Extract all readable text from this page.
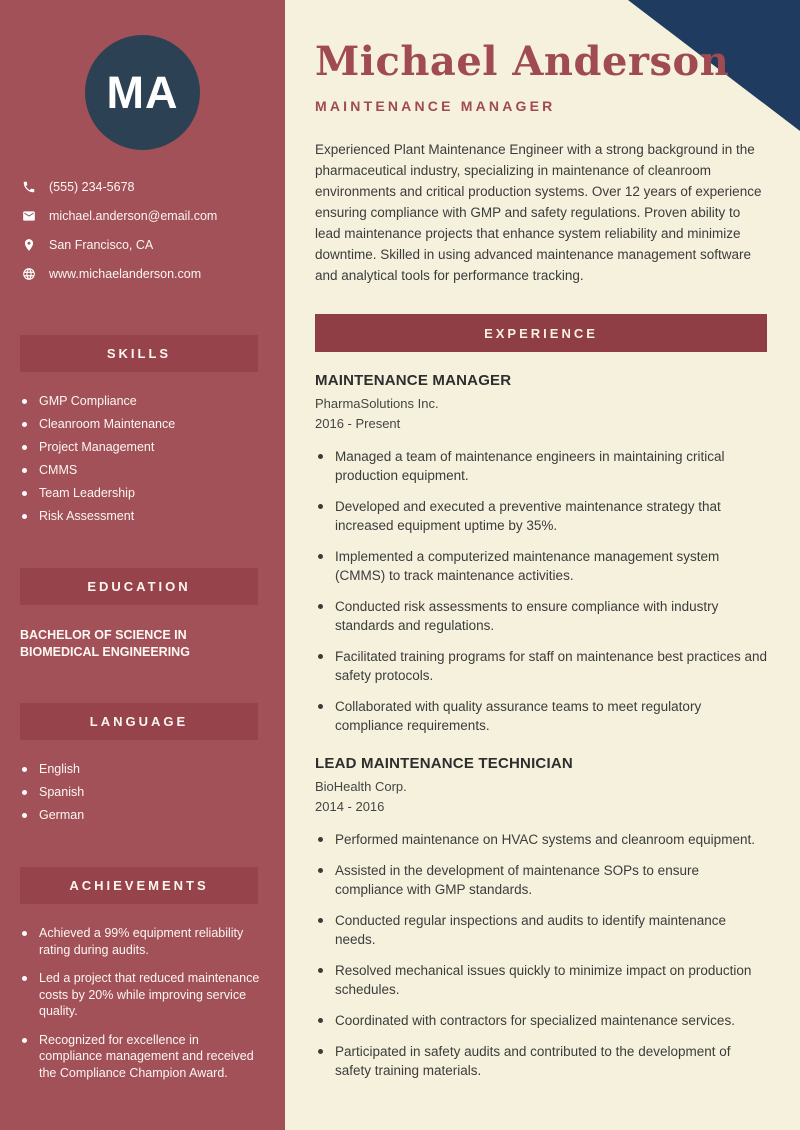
MA
(555) 234-5678
michael.anderson@email.com
San Francisco, CA
www.michaelanderson.com
SKILLS
GMP Compliance
Cleanroom Maintenance
Project Management
CMMS
Team Leadership
Risk Assessment
EDUCATION
BACHELOR OF SCIENCE IN BIOMEDICAL ENGINEERING
LANGUAGE
English
Spanish
German
ACHIEVEMENTS
Achieved a 99% equipment reliability rating during audits.
Led a project that reduced maintenance costs by 20% while improving service quality.
Recognized for excellence in compliance management and received the Compliance Champion Award.
Michael Anderson
MAINTENANCE MANAGER

Experienced Plant Maintenance Engineer with a strong background in the pharmaceutical industry, specializing in maintenance of cleanroom environments and critical production systems. Over 12 years of experience ensuring compliance with GMP and safety regulations. Proven ability to lead maintenance projects that enhance system reliability and minimize downtime. Skilled in using advanced maintenance management software and analytical tools for performance tracking.

EXPERIENCE
MAINTENANCE MANAGER
PharmaSolutions Inc.
2016 - Present
Managed a team of maintenance engineers in maintaining critical production equipment.
Developed and executed a preventive maintenance strategy that increased equipment uptime by 35%.
Implemented a computerized maintenance management system (CMMS) to track maintenance activities.
Conducted risk assessments to ensure compliance with industry standards and regulations.
Facilitated training programs for staff on maintenance best practices and safety protocols.
Collaborated with quality assurance teams to meet regulatory compliance requirements.
LEAD MAINTENANCE TECHNICIAN
BioHealth Corp.
2014 - 2016
Performed maintenance on HVAC systems and cleanroom equipment.
Assisted in the development of maintenance SOPs to ensure compliance with GMP standards.
Conducted regular inspections and audits to identify maintenance needs.
Resolved mechanical issues quickly to minimize impact on production schedules.
Coordinated with contractors for specialized maintenance services.
Participated in safety audits and contributed to the development of safety training materials.
